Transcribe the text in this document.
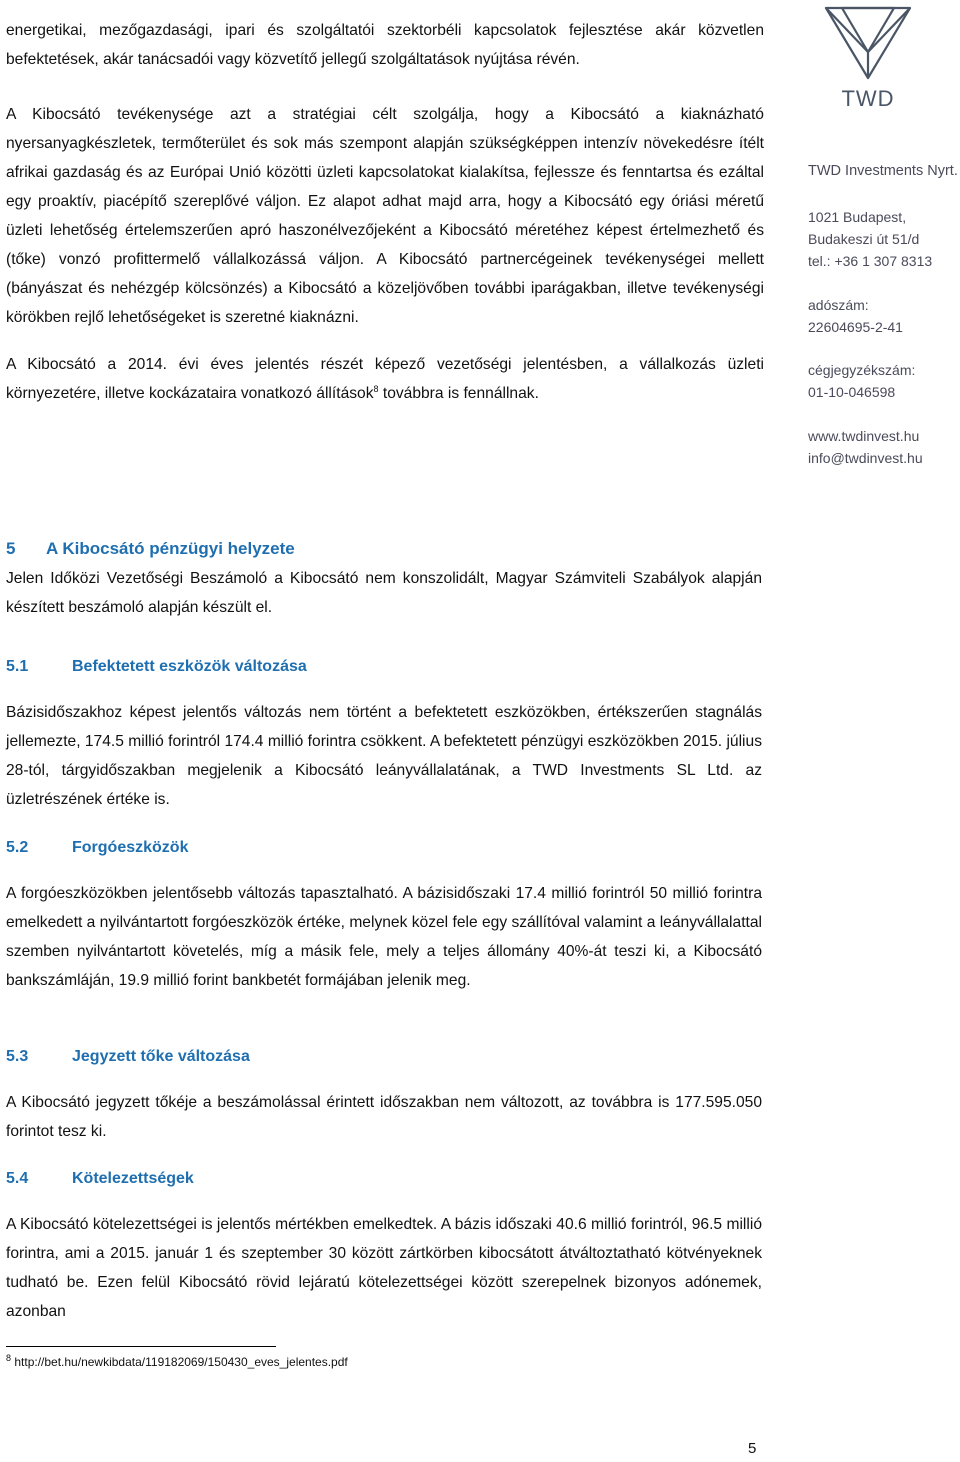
energetikai, mezőgazdasági, ipari és szolgáltatói szektorbéli kapcsolatok fejlesztése akár közvetlen befektetések, akár tanácsadói vagy közvetítő jellegű szolgáltatások nyújtása révén.

A Kibocsátó tevékenysége azt a stratégiai célt szolgálja, hogy a Kibocsátó a kiaknázható nyersanyagkészletek, termőterület és sok más szempont alapján szükségképpen intenzív növekedésre ítélt afrikai gazdaság és az Európai Unió közötti üzleti kapcsolatokat kialakítsa, fejlessze és fenntartsa és ezáltal egy proaktív, piacépítő szereplővé váljon. Ez alapot adhat majd arra, hogy a Kibocsátó egy óriási méretű üzleti lehetőség értelemszerűen apró haszonélvezőjeként a Kibocsátó méretéhez képest értelmezhető és (tőke) vonzó profittermelő vállalkozássá váljon. A Kibocsátó partnercégeinek tevékenységei mellett (bányászat és nehézgép kölcsönzés) a Kibocsátó a közeljövőben további iparágakban, illetve tevékenységi körökben rejlő lehetőségeket is szeretné kiaknázni.

A Kibocsátó a 2014. évi éves jelentés részét képező vezetőségi jelentésben, a vállalkozás üzleti környezetére, illetve kockázataira vonatkozó állítások$^8$ továbbra is fennállnak.

5 A Kibocsátó pénzügyi helyzete

Jelen Időközi Vezetőségi Beszámoló a Kibocsátó nem konszolidált, Magyar Számviteli Szabályok alapján készített beszámoló alapján készült el.

5.1	Befektetett eszközök változása

Bázisidőszakhoz képest jelentős változás nem történt a befektetett eszközökben, értékszerűen stagnálás jellemezte, 174.5 millió forintról 174.4 millió forintra csökkent. A befektetett pénzügyi eszközökben 2015. július 28-tól, tárgyidőszakban megjelenik a Kibocsátó leányvállalatának, a TWD Investments SL Ltd. az üzletrészének értéke is.

5.2	Forgóeszközök

A forgóeszközökben jelentősebb változás tapasztalható. A bázisidőszaki 17.4 millió forintról 50 millió forintra emelkedett a nyilvántartott forgóeszközök értéke, melynek közel fele egy szállítóval valamint a leányvállalattal szemben nyilvántartott követelés, míg a másik fele, mely a teljes állomány 40%-át teszi ki, a Kibocsátó bankszámláján, 19.9 millió forint bankbetét formájában jelenik meg.

5.3	Jegyzett tőke változása

A Kibocsátó jegyzett tőkéje a beszámolással érintett időszakban nem változott, az továbbra is 177.595.050 forintot tesz ki.

5.4	Kötelezettségek

A Kibocsátó kötelezettségei is jelentős mértékben emelkedtek. A bázis időszaki 40.6 millió forintról, 96.5 millió forintra, ami a 2015. január 1 és szeptember 30 között zártkörben kibocsátott átváltoztatható kötvényeknek tudható be. Ezen felül Kibocsátó rövid lejáratú kötelezettségei között szerepelnek bizonyos adónemek, azonban

TWD
TWD Investments Nyrt.
1021 Budapest,
Budakeszi út 51/d
tel.: +36 1 307 8313
adószám:
22604695-2-41
cégjegyzékszám:
01-10-046598
www.twdinvest.hu
info@twdinvest.hu
$^8$ http://bet.hu/newkibdata/119182069/150430_eves_jelentes.pdf
5
